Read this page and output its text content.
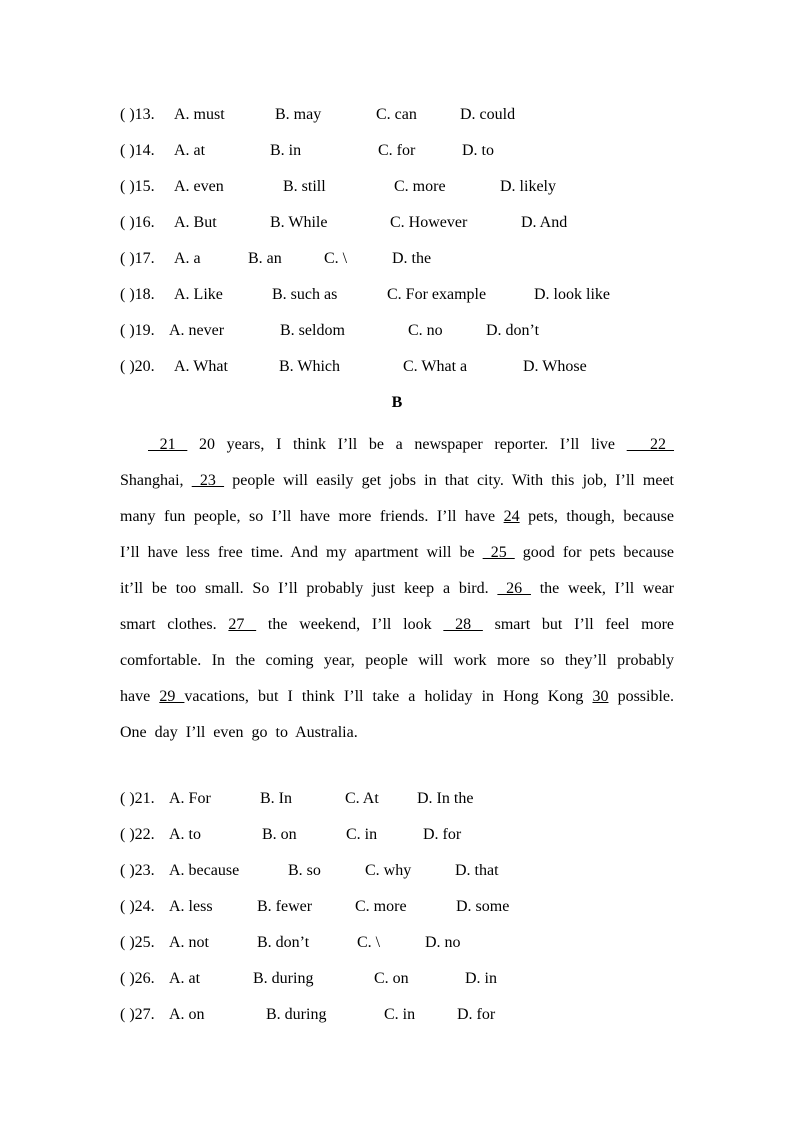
( )13. A. must	B. may	C. can	D. could
( )14. A. at	B. in	C. for	D. to
( )15. A. even	B. still	C. more	D. likely
( )16. A. But	B. While	C. However	D. And
( )17. A. a	B. an	C. \	D. the
( )18. A. Like	B. such as	C. For example	D. look like
( )19. A. never	B. seldom	C. no	D. don’t
( )20. A. What	B. Which	C. What a	D. Whose
B
21  20 years, I think I’ll be a newspaper reporter. I’ll live   22  Shanghai,  23  people will easily get jobs in that city. With this job, I’ll meet many fun people, so I’ll have more friends. I’ll have 24 pets, though, because I’ll have less free time. And my apartment will be  25  good for pets because it’ll be too small. So I’ll probably just keep a bird.  26  the week, I’ll wear smart clothes. 27  the weekend, I’ll look  28  smart but I’ll feel more comfortable. In the coming year, people will work more so they’ll probably have 29 vacations, but I think I’ll take a holiday in Hong Kong 30 possible. One day I’ll even go to Australia.
( )21. A. For	B. In	C. At D. In the
( )22. A. to	B. on	C. in	D. for
( )23. A. because	B. so	C. why	D. that
( )24. A. less	B. fewer	C. more	D. some
( )25. A. not	B. don’t	C. \	D. no
( )26. A. at	B. during	C. on	D. in
( )27. A. on	B. during	C. in	D. for
